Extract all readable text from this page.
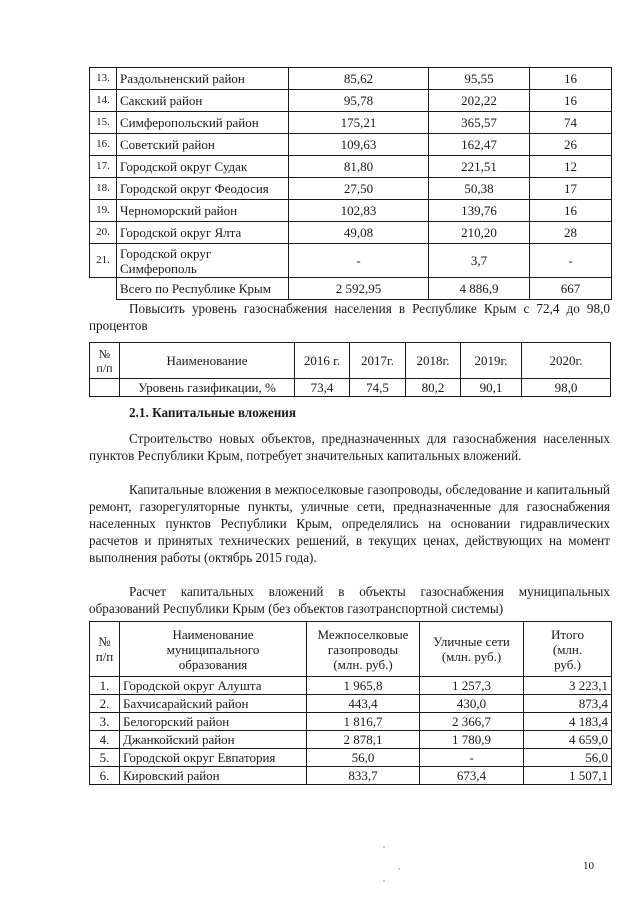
13.	Раздольненский район	85,62	95,55	16
14.	Сакский район	95,78	202,22	16
15.	Симферопольский район	175,21	365,57	74
16.	Советский район	109,63	162,47	26
17.	Городской округ Судак	81,80	221,51	12
18.	Городской округ Феодосия	27,50	50,38	17
19.	Черноморский район	102,83	139,76	16
20.	Городской округ Ялта	49,08	210,20	28
21.	Городской округ
Симферополь	-	3,7	-
	Всего по Республике Крым	2 592,95	4 886,9	667

Повысить уровень газоснабжения населения в Республике Крым с 72,4 до 98,0 процентов

№
п/п	Наименование	2016 г.	2017г.	2018г.	2019г.	2020г.
	Уровень газификации, %	73,4	74,5	80,2	90,1	98,0
2.1. Капитальные вложения

Строительство новых объектов, предназначенных для газоснабжения населенных пунктов Республики Крым, потребует значительных капитальных вложений.

Капитальные вложения в межпоселковые газопроводы, обследование и капитальный ремонт, газорегуляторные пункты, уличные сети, предназначенные для газоснабжения населенных пунктов Республики Крым, определялись на основании гидравлических расчетов и принятых технических решений, в текущих ценах, действующих на момент выполнения работы (октябрь 2015 года).

Расчет капитальных вложений в объекты газоснабжения муниципальных образований Республики Крым (без объектов газотранспортной системы)

№
п/п	Наименование
муниципального
образования	Межпоселковые
газопроводы
(млн. руб.)	Уличные сети
(млн. руб.)	Итого
(млн.
руб.)
1.	Городской округ Алушта	1 965,8	1 257,3	3 223,1
2.	Бахчисарайский район	443,4	430,0	873,4
3.	Белогорский район	1 816,7	2 366,7	4 183,4
4.	Джанкойский район	2 878,1	1 780,9	4 659,0
5.	Городской округ Евпатория	56,0	-	56,0
6.	Кировский район	833,7	673,4	1 507,1
10
